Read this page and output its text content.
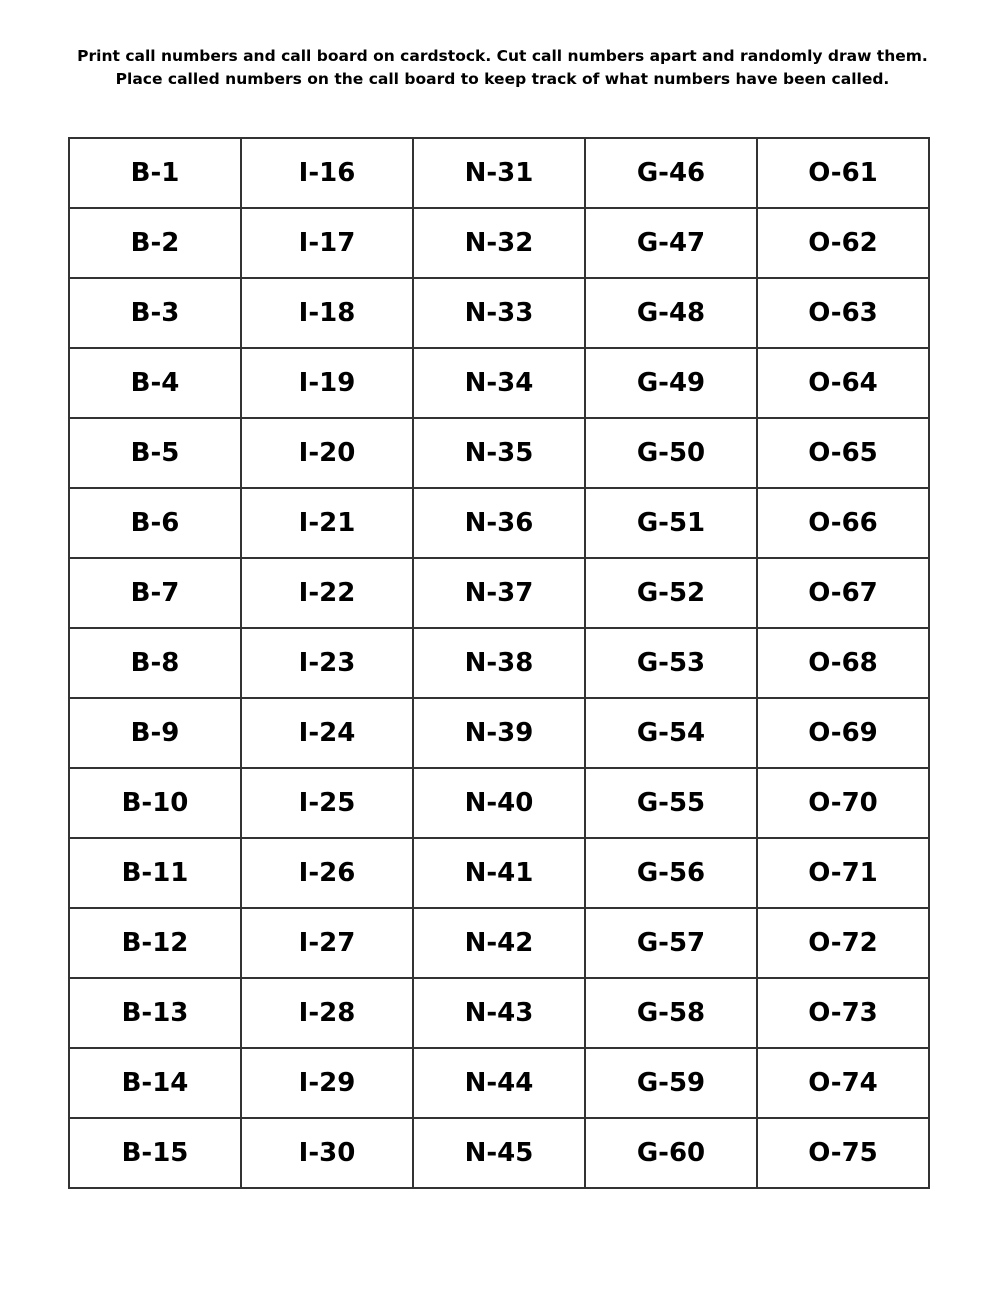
Print call numbers and call board on cardstock. Cut call numbers apart and randomly draw them.
Place called numbers on the call board to keep track of what numbers have been called.
B-1	I-16	N-31	G-46	O-61
B-2	I-17	N-32	G-47	O-62
B-3	I-18	N-33	G-48	O-63
B-4	I-19	N-34	G-49	O-64
B-5	I-20	N-35	G-50	O-65
B-6	I-21	N-36	G-51	O-66
B-7	I-22	N-37	G-52	O-67
B-8	I-23	N-38	G-53	O-68
B-9	I-24	N-39	G-54	O-69
B-10	I-25	N-40	G-55	O-70
B-11	I-26	N-41	G-56	O-71
B-12	I-27	N-42	G-57	O-72
B-13	I-28	N-43	G-58	O-73
B-14	I-29	N-44	G-59	O-74
B-15	I-30	N-45	G-60	O-75
